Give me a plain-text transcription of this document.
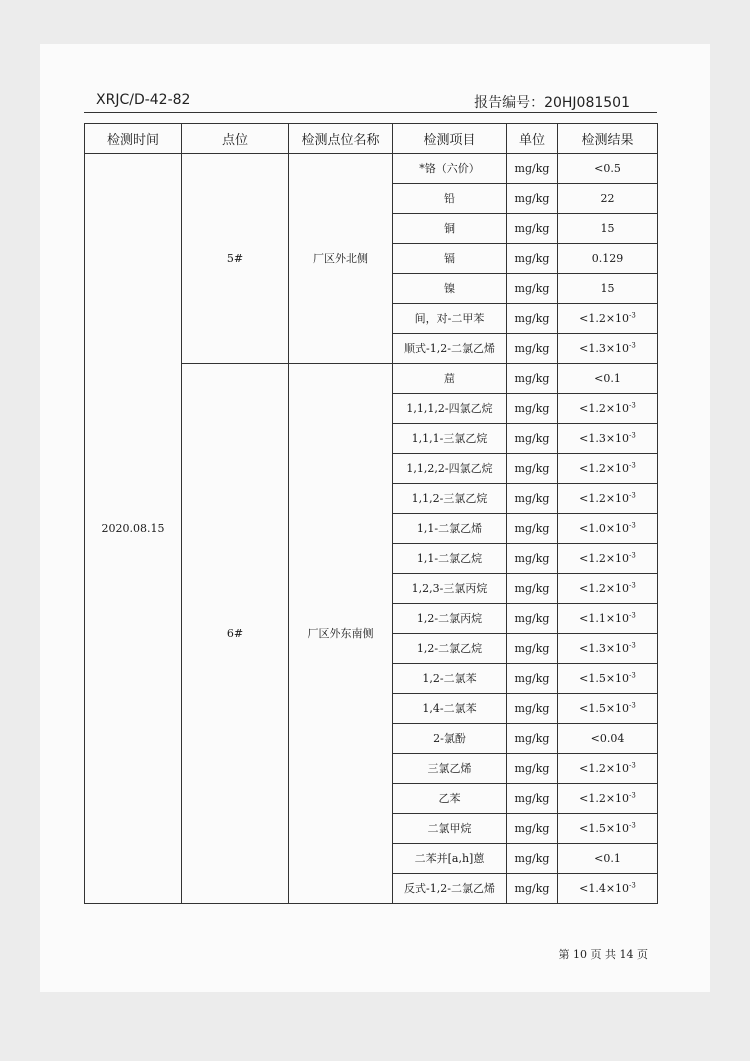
XRJC/D-42-82	报告编号：20HJ081501
检测时间	点位	检测点位名称	检测项目	单位	检测结果
2020.08.15	5#	厂区外北侧	*铬（六价）	mg/kg	<0.5
			铅	mg/kg	22
			铜	mg/kg	15
			镉	mg/kg	0.129
			镍	mg/kg	15
			间，对-二甲苯	mg/kg	$<1.2\times 10^{-3}$
			顺式-1,2-二氯乙烯	mg/kg	$<1.3\times 10^{-3}$
	6#	厂区外东南侧	䓛	mg/kg	<0.1
			1,1,1,2-四氯乙烷	mg/kg	$<1.2\times 10^{-3}$
			1,1,1-三氯乙烷	mg/kg	$<1.3\times 10^{-3}$
			1,1,2,2-四氯乙烷	mg/kg	$<1.2\times 10^{-3}$
			1,1,2-三氯乙烷	mg/kg	$<1.2\times 10^{-3}$
			1,1-二氯乙烯	mg/kg	$<1.0\times 10^{-3}$
			1,1-二氯乙烷	mg/kg	$<1.2\times 10^{-3}$
			1,2,3-三氯丙烷	mg/kg	$<1.2\times 10^{-3}$
			1,2-二氯丙烷	mg/kg	$<1.1\times 10^{-3}$
			1,2-二氯乙烷	mg/kg	$<1.3\times 10^{-3}$
			1,2-二氯苯	mg/kg	$<1.5\times 10^{-3}$
			1,4-二氯苯	mg/kg	$<1.5\times 10^{-3}$
			2-氯酚	mg/kg	<0.04
			三氯乙烯	mg/kg	$<1.2\times 10^{-3}$
			乙苯	mg/kg	$<1.2\times 10^{-3}$
			二氯甲烷	mg/kg	$<1.5\times 10^{-3}$
			二苯并[a,h]蒽	mg/kg	<0.1
			反式-1,2-二氯乙烯	mg/kg	$<1.4\times 10^{-3}$
第 10 页 共 14 页
